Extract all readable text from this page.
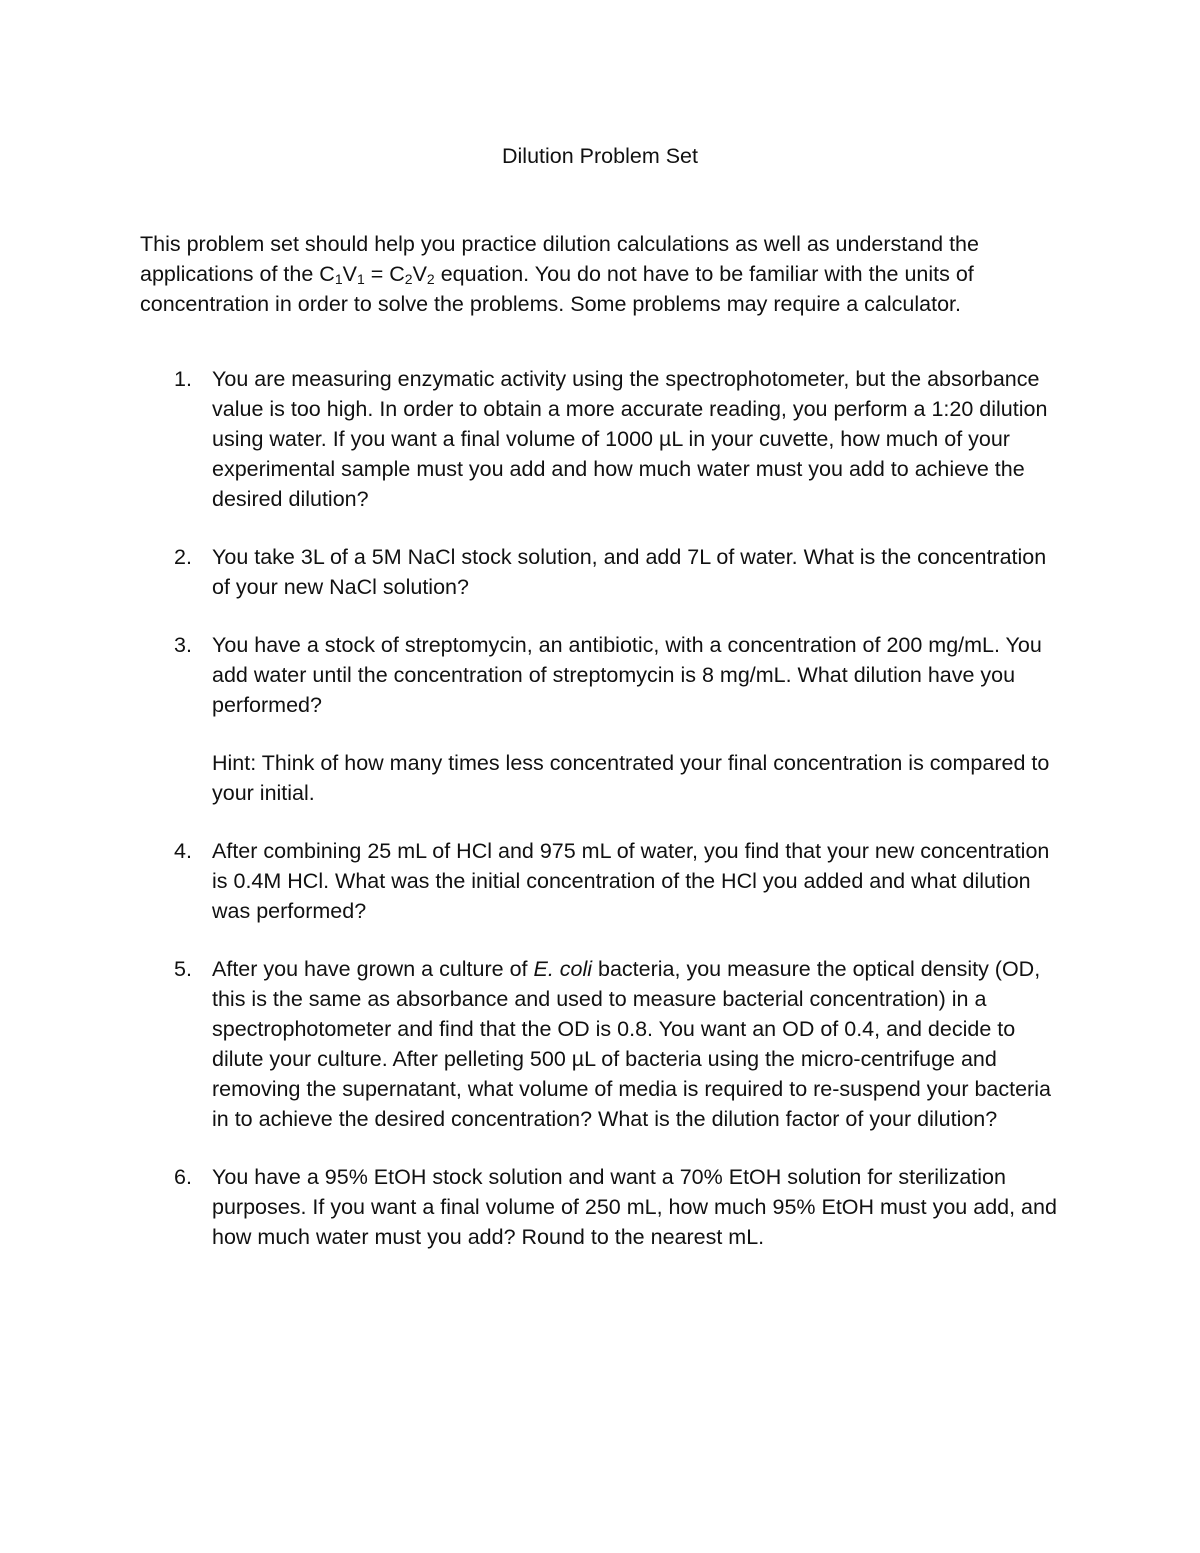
Dilution Problem Set

This problem set should help you practice dilution calculations as well as understand the applications of the $C_1V_1 = C_2V_2$ equation. You do not have to be familiar with the units of concentration in order to solve the problems. Some problems may require a calculator.

1. You are measuring enzymatic activity using the spectrophotometer, but the absorbance value is too high. In order to obtain a more accurate reading, you perform a 1:20 dilution using water. If you want a final volume of 1000 µL in your cuvette, how much of your experimental sample must you add and how much water must you add to achieve the desired dilution?
2. You take 3L of a 5M NaCl stock solution, and add 7L of water. What is the concentration of your new NaCl solution?
3. You have a stock of streptomycin, an antibiotic, with a concentration of 200 mg/mL. You add water until the concentration of streptomycin is 8 mg/mL. What dilution have you performed?
Hint: Think of how many times less concentrated your final concentration is compared to your initial.
4. After combining 25 mL of HCl and 975 mL of water, you find that your new concentration is 0.4M HCl. What was the initial concentration of the HCl you added and what dilution was performed?
5. After you have grown a culture of E. coli bacteria, you measure the optical density (OD, this is the same as absorbance and used to measure bacterial concentration) in a spectrophotometer and find that the OD is 0.8. You want an OD of 0.4, and decide to dilute your culture. After pelleting 500 µL of bacteria using the micro-centrifuge and removing the supernatant, what volume of media is required to re-suspend your bacteria in to achieve the desired concentration? What is the dilution factor of your dilution?
6. You have a 95% EtOH stock solution and want a 70% EtOH solution for sterilization purposes. If you want a final volume of 250 mL, how much 95% EtOH must you add, and how much water must you add? Round to the nearest mL.
